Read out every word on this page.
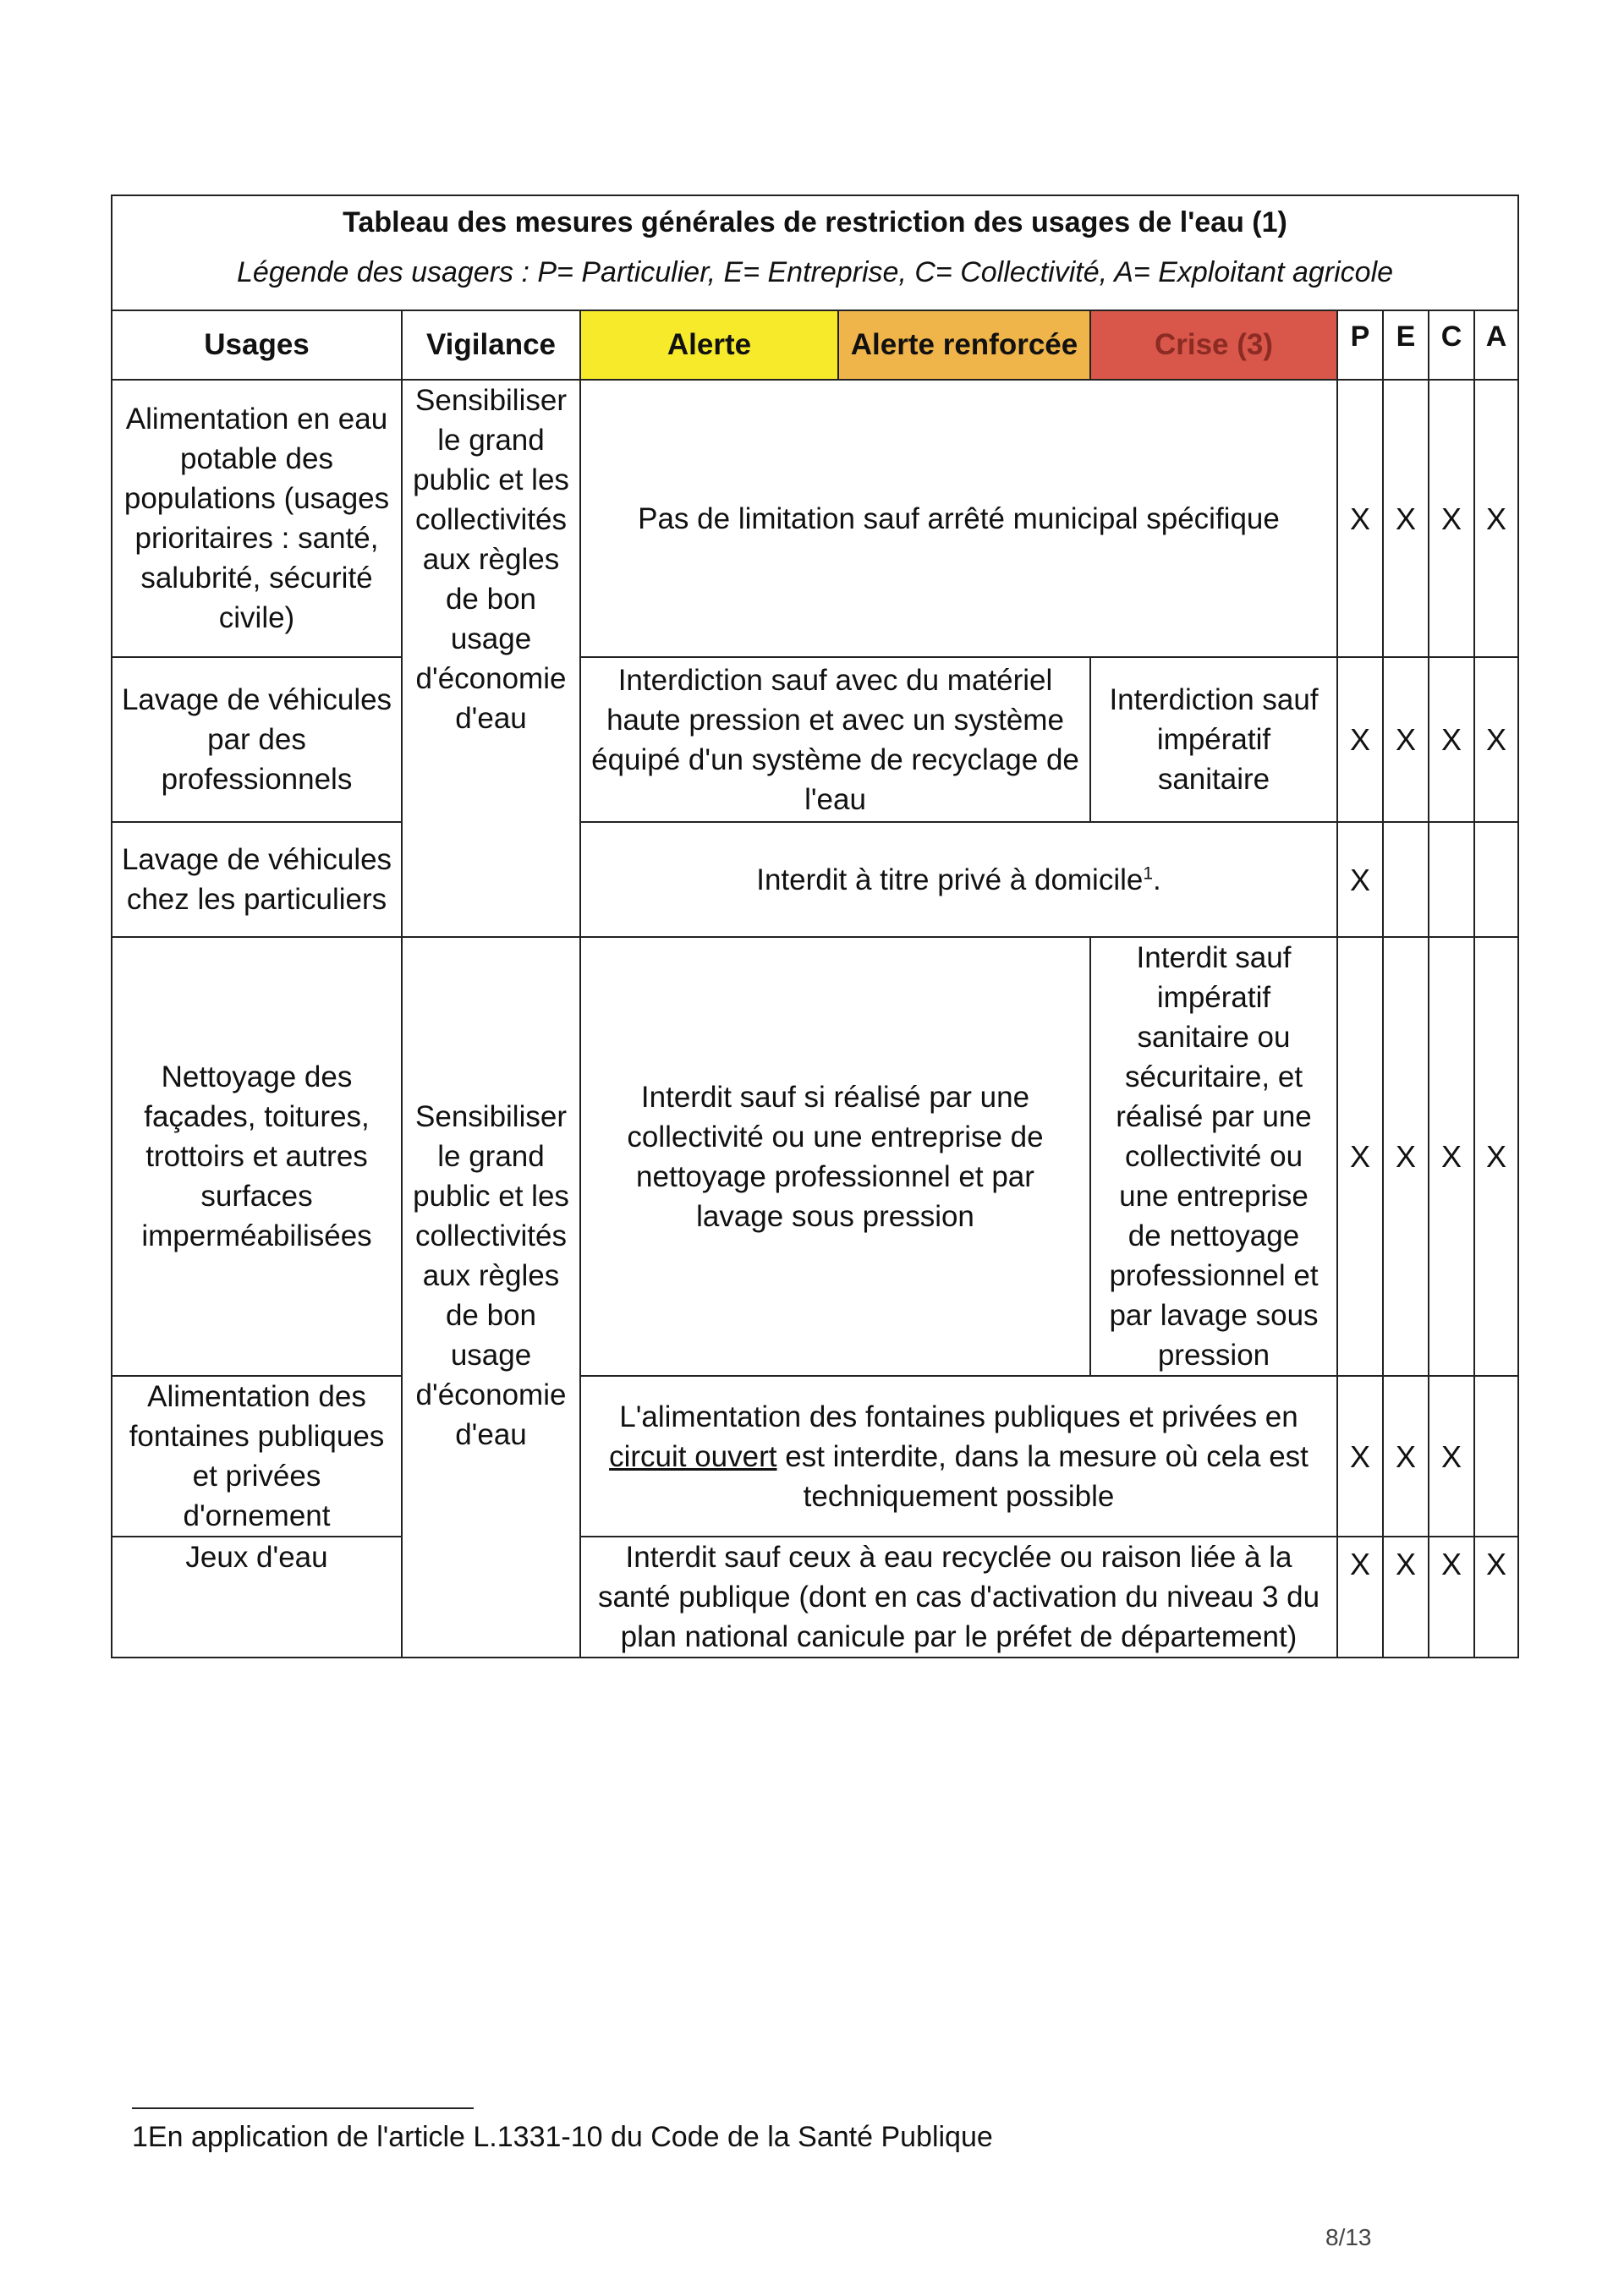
Tableau des mesures générales de restriction des usages de l'eau (1)								
Légende des usagers : P= Particulier, E= Entreprise, C= Collectivité, A= Exploitant agricole								
Usages	Vigilance	Alerte	Alerte renforcée	Crise (3)	P	E	C	A
Alimentation en eau potable des populations (usages prioritaires : santé, salubrité, sécurité civile)	Sensibiliser le grand public et les collectivités aux règles de bon usage d'économie d'eau	Pas de limitation sauf arrêté municipal spécifique			X	X	X	X
Lavage de véhicules par des professionnels		Interdiction sauf avec du matériel haute pression et avec un système équipé d'un système de recyclage de l'eau		Interdiction sauf impératif sanitaire	X	X	X	X
Lavage de véhicules chez les particuliers		Interdit à titre privé à domicile$^1$.			X			
Nettoyage des façades, toitures, trottoirs et autres surfaces imperméabilisées	Sensibiliser le grand public et les collectivités aux règles de bon usage d'économie d'eau	Interdit sauf si réalisé par une collectivité ou une entreprise de nettoyage professionnel et par lavage sous pression		Interdit sauf impératif sanitaire ou sécuritaire, et réalisé par une collectivité ou une entreprise de nettoyage professionnel et par lavage sous pression	X	X	X	X
Alimentation des fontaines publiques et privées d'ornement		L'alimentation des fontaines publiques et privées en circuit ouvert est interdite, dans la mesure où cela est techniquement possible			X	X	X	
Jeux d'eau		Interdit sauf ceux à eau recyclée ou raison liée à la santé publique (dont en cas d'activation du niveau 3 du plan national canicule par le préfet de département)			X	X	X	X
1En application de l'article L.1331-10 du Code de la Santé Publique
8/13
